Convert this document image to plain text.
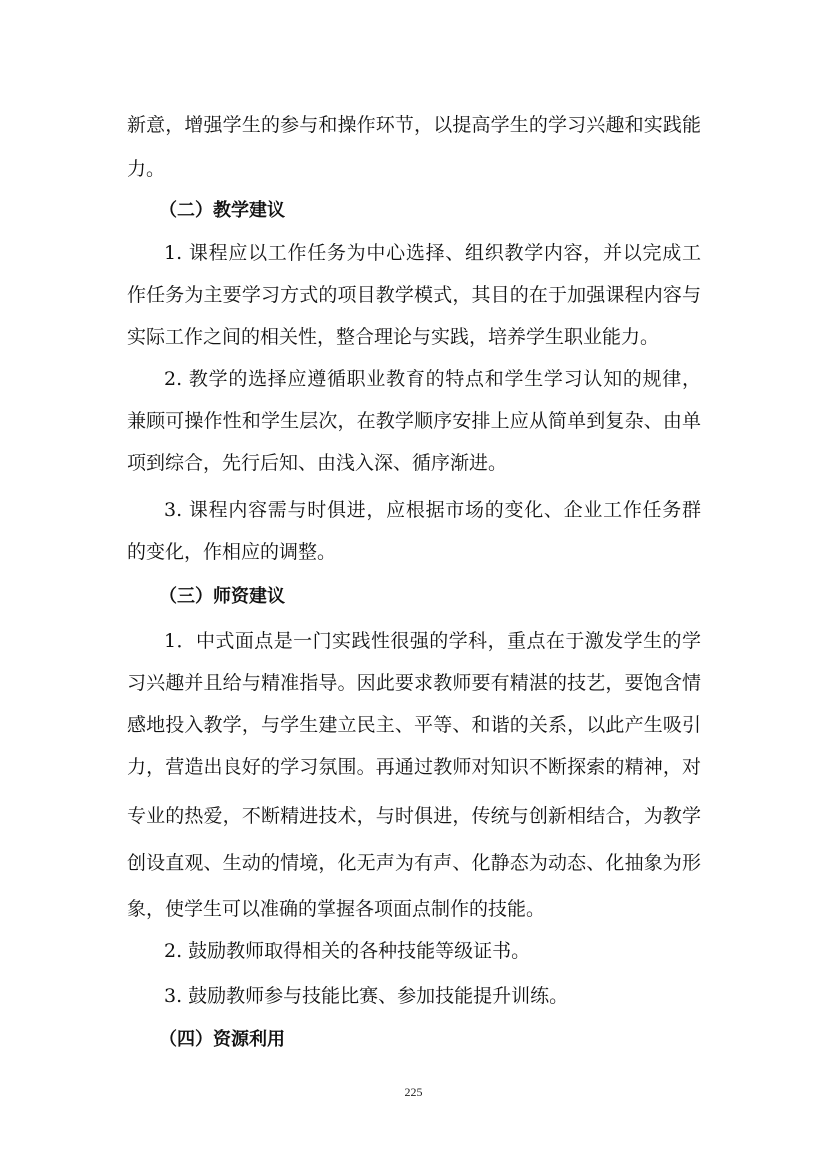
新意，增强学生的参与和操作环节，以提高学生的学习兴趣和实践能
力。
（二）教学建议
1. 课程应以工作任务为中心选择、组织教学内容，并以完成工
作任务为主要学习方式的项目教学模式，其目的在于加强课程内容与
实际工作之间的相关性，整合理论与实践，培养学生职业能力。
2. 教学的选择应遵循职业教育的特点和学生学习认知的规律，
兼顾可操作性和学生层次，在教学顺序安排上应从简单到复杂、由单
项到综合，先行后知、由浅入深、循序渐进。
3. 课程内容需与时俱进，应根据市场的变化、企业工作任务群
的变化，作相应的调整。
（三）师资建议
1．中式面点是一门实践性很强的学科，重点在于激发学生的学
习兴趣并且给与精准指导。因此要求教师要有精湛的技艺，要饱含情
感地投入教学，与学生建立民主、平等、和谐的关系，以此产生吸引
力，营造出良好的学习氛围。再通过教师对知识不断探索的精神，对
专业的热爱，不断精进技术，与时俱进，传统与创新相结合，为教学
创设直观、生动的情境，化无声为有声、化静态为动态、化抽象为形
象，使学生可以准确的掌握各项面点制作的技能。
2. 鼓励教师取得相关的各种技能等级证书。
3. 鼓励教师参与技能比赛、参加技能提升训练。
（四）资源利用
225
